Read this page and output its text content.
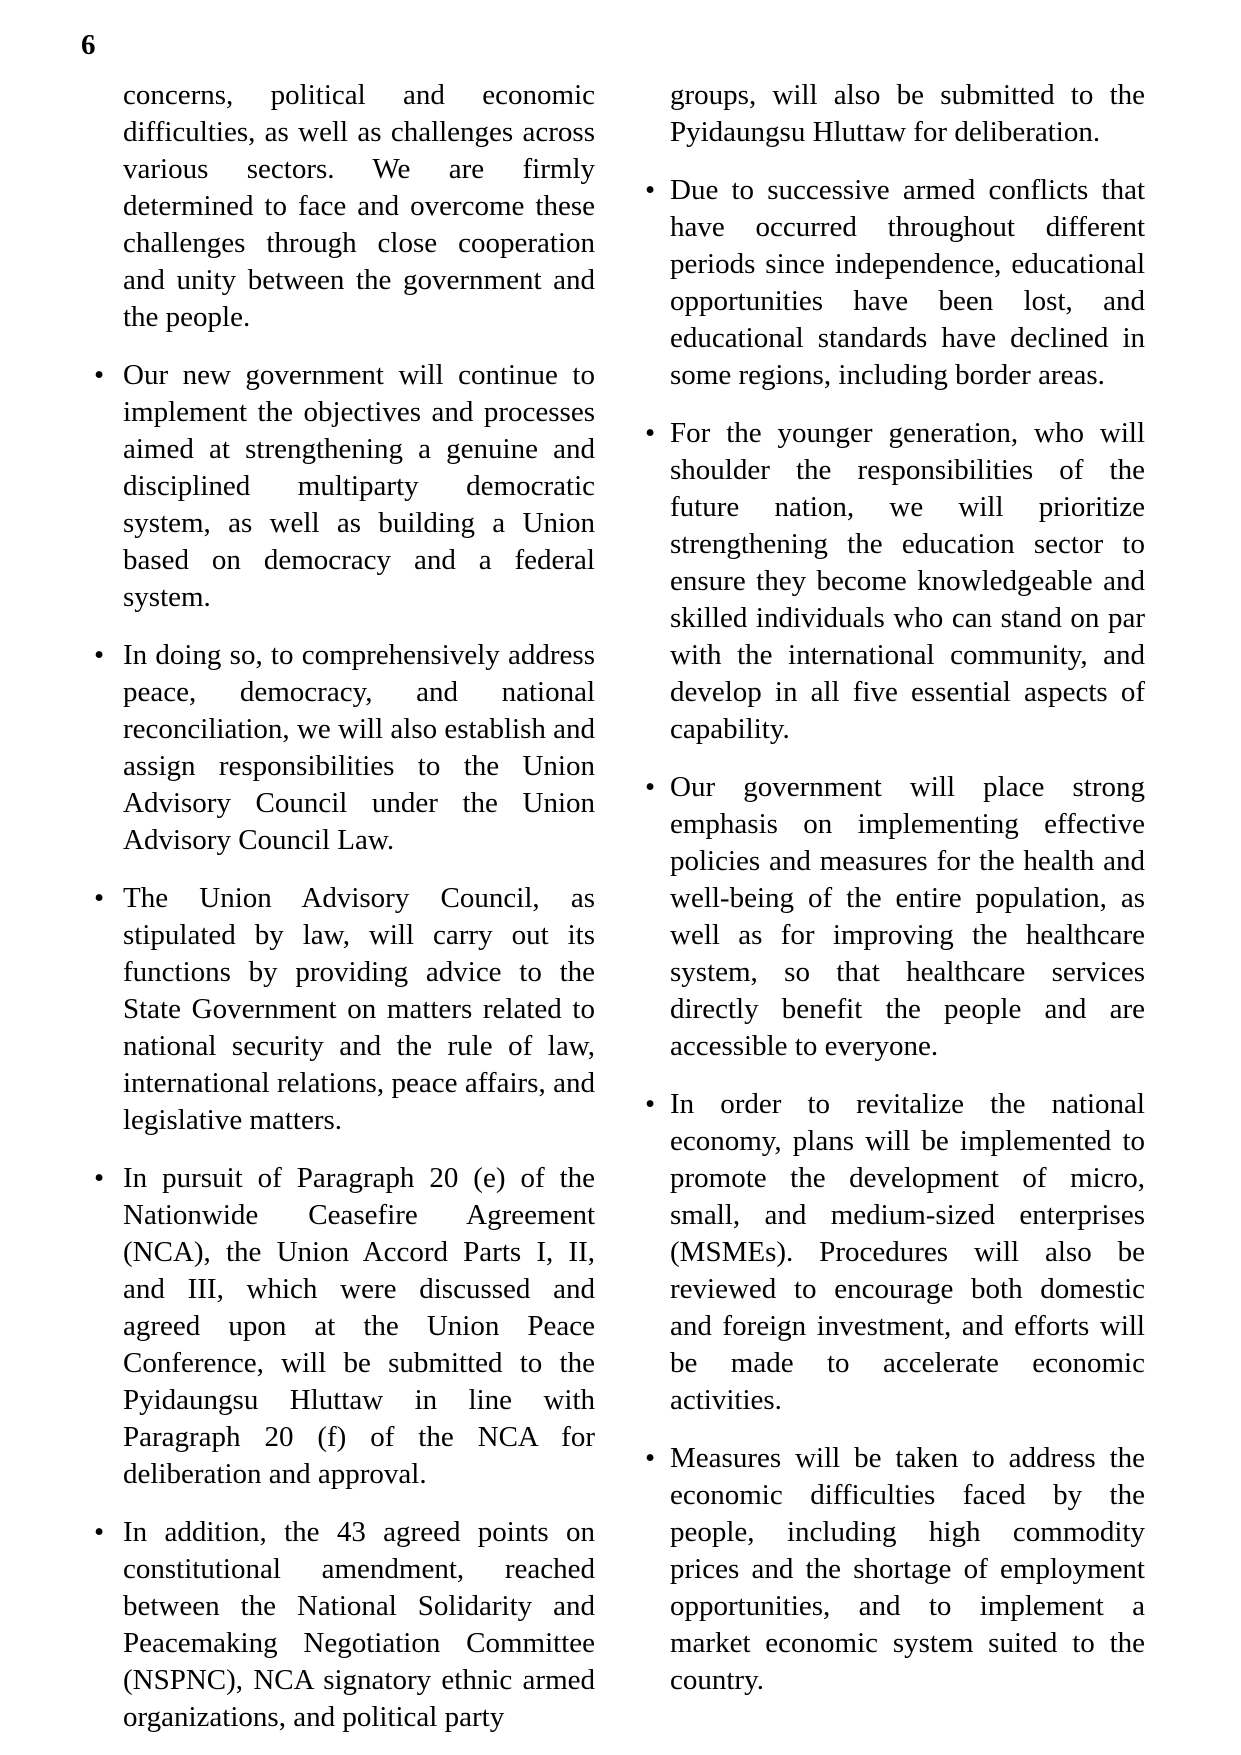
6

concerns, political and economic difficulties, as well as challenges across various sectors. We are firmly determined to face and overcome these challenges through close cooperation and unity between the government and the people.

• Our new government will continue to implement the objectives and processes aimed at strengthening a genuine and disciplined multiparty democratic system, as well as building a Union based on democracy and a federal system.

• In doing so, to comprehensively address peace, democracy, and national reconciliation, we will also establish and assign responsibilities to the Union Advisory Council under the Union Advisory Council Law.

• The Union Advisory Council, as stipulated by law, will carry out its functions by providing advice to the State Government on matters related to national security and the rule of law, international relations, peace affairs, and legislative matters.

• In pursuit of Paragraph 20 (e) of the Nationwide Ceasefire Agreement (NCA), the Union Accord Parts I, II, and III, which were discussed and agreed upon at the Union Peace Conference, will be submitted to the Pyidaungsu Hluttaw in line with Paragraph 20 (f) of the NCA for deliberation and approval.

• In addition, the 43 agreed points on constitutional amendment, reached between the National Solidarity and Peacemaking Negotiation Committee (NSPNC), NCA signatory ethnic armed organizations, and political party

groups, will also be submitted to the Pyidaungsu Hluttaw for deliberation.

• Due to successive armed conflicts that have occurred throughout different periods since independence, educational opportunities have been lost, and educational standards have declined in some regions, including border areas.

• For the younger generation, who will shoulder the responsibilities of the future nation, we will prioritize strengthening the education sector to ensure they become knowledgeable and skilled individuals who can stand on par with the international community, and develop in all five essential aspects of capability.

• Our government will place strong emphasis on implementing effective policies and measures for the health and well-being of the entire population, as well as for improving the healthcare system, so that healthcare services directly benefit the people and are accessible to everyone.

• In order to revitalize the national economy, plans will be implemented to promote the development of micro, small, and medium-sized enterprises (MSMEs). Procedures will also be reviewed to encourage both domestic and foreign investment, and efforts will be made to accelerate economic activities.

• Measures will be taken to address the economic difficulties faced by the people, including high commodity prices and the shortage of employment opportunities, and to implement a market economic system suited to the country.
